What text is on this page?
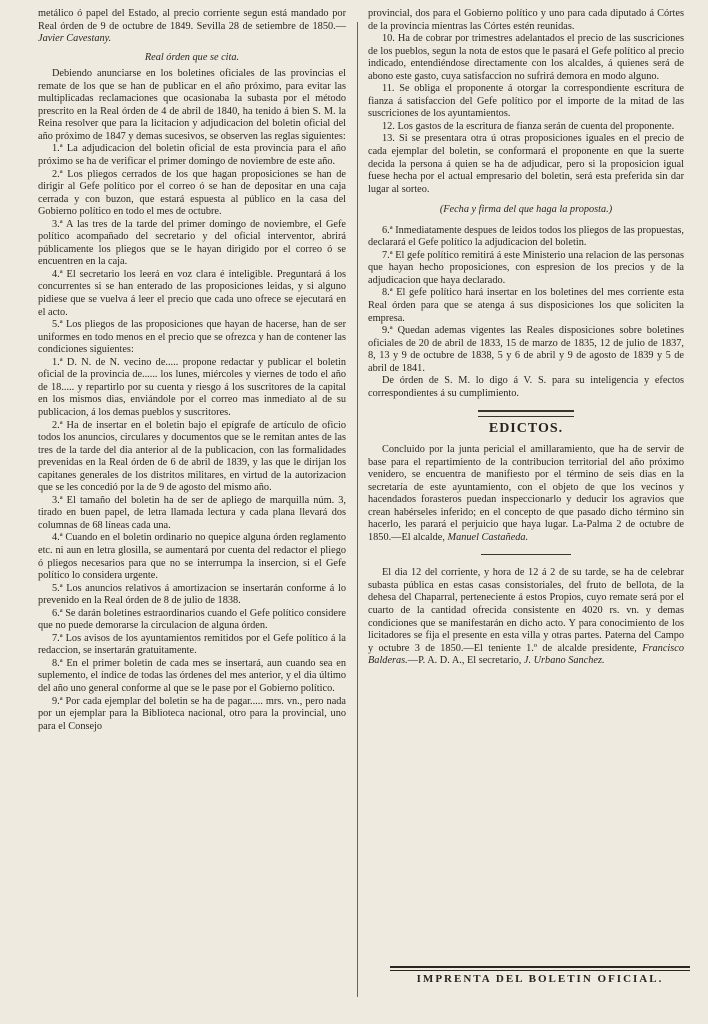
metálico ó papel del Estado, al precio corriente segun está mandado por Real órden de 9 de octubre de 1849. Sevilla 28 de setiembre de 1850.—Javier Cavestany.

Real órden que se cita.

Debiendo anunciarse en los boletines oficiales de las provincias el remate de los que se han de publicar en el año próximo, para evitar las multiplicadas reclamaciones que ocasionaba la subasta por el método prescrito en la Real órden de 4 de abril de 1840, ha tenido á bien S. M. la Reina resolver que para la licitacion y adjudicacion del boletin oficial del año próximo de 1847 y demas sucesivos, se observen las reglas siguientes:

1.ª La adjudicacion del boletin oficial de esta provincia para el año próximo se ha de verificar el primer domingo de noviembre de este año.

2.ª Los pliegos cerrados de los que hagan proposiciones se han de dirigir al Gefe político por el correo ó se han de depositar en una caja cerrada y con buzon, que estará espuesta al público en la casa del Gobierno político en todo el mes de octubre.

3.ª A las tres de la tarde del primer domingo de noviembre, el Gefe político acompañado del secretario y del oficial interventor, abrirá públicamente los pliegos que se le hayan dirigido por el correo ó se encuentren en la caja.

4.ª El secretario los leerá en voz clara é inteligible. Preguntará á los concurrentes si se han enterado de las proposiciones leidas, y si alguno pidiese que se vuelva á leer el precio que cada uno ofrece se ejecutará en el acto.

5.ª Los pliegos de las proposiciones que hayan de hacerse, han de ser uniformes en todo menos en el precio que se ofrezca y han de contener las condiciones siguientes:

1.ª D. N. de N. vecino de..... propone redactar y publicar el boletin oficial de la provincia de...... los lunes, miércoles y viernes de todo el año de 18..... y repartirlo por su cuenta y riesgo á los suscritores de la capital en los mismos dias, enviándole por el correo mas inmediato al de su publicacion, á los demas pueblos y suscritores.

2.ª Ha de insertar en el boletin bajo el epígrafe de artículo de oficio todos los anuncios, circulares y documentos que se le remitan antes de las tres de la tarde del dia anterior al de la publicacion, con las formalidades prevenidas en la Real órden de 6 de abril de 1839, y las que le dirijan los capitanes generales de los distritos militares, en virtud de la autorizacion que se les concedió por la de 9 de agosto del mismo año.

3.ª El tamaño del boletin ha de ser de apliego de marquilla núm. 3, tirado en buen papel, de letra llamada lectura y cada plana llevará dos columnas de 68 líneas cada una.

4.ª Cuando en el boletin ordinario no quepice alguna órden reglamento etc. ni aun en letra glosilla, se aumentará por cuenta del redactor el pliego ó pliegos necesarios para que no se interrumpa la insercion, si el Gefe político lo considera urgente.

5.ª Los anuncios relativos á amortizacion se insertarán conforme á lo prevenido en la Real órden de 8 de julio de 1838.

6.ª Se darán boletines estraordinarios cuando el Gefe político considere que no puede demorarse la circulacion de alguna órden.

7.ª Los avisos de los ayuntamientos remitidos por el Gefe político á la redaccion, se insertarán gratuitamente.

8.ª En el primer boletin de cada mes se insertará, aun cuando sea en suplemento, el índice de todas las órdenes del mes anterior, y el dia último del año uno general conforme al que se le pase por el Gobierno político.

9.ª Por cada ejemplar del boletin se ha de pagar..... mrs. vn., pero nada por un ejemplar para la Biblioteca nacional, otro para la provincial, uno para el Consejo

provincial, dos para el Gobierno político y uno para cada diputado á Córtes de la provincia mientras las Córtes estén reunidas.

10. Ha de cobrar por trimestres adelantados el precio de las suscriciones de los pueblos, segun la nota de estos que le pasará el Gefe político al precio indicado, entendiéndose directamente con los alcaldes, á quienes será de abono este gasto, cuya satisfaccion no sufrirá demora en modo alguno.

11. Se obliga el proponente á otorgar la correspondiente escritura de fianza á satisfaccion del Gefe político por el importe de la mitad de las suscriciones de los ayuntamientos.

12. Los gastos de la escritura de fianza serán de cuenta del proponente.

13. Si se presentara otra ú otras proposiciones iguales en el precio de cada ejemplar del boletin, se conformará el proponente en que la suerte decida la persona á quien se ha de adjudicar, pero si la proposicion igual fuese hecha por el actual empresario del boletin, será esta preferida sin dar lugar al sorteo.

(Fecha y firma del que haga la proposta.)

6.ª Inmediatamente despues de leidos todos los pliegos de las propuestas, declarará el Gefe político la adjudicacion del boletin.

7.ª El gefe político remitirá á este Ministerio una relacion de las personas que hayan hecho proposiciones, con espresion de los precios y de la adjudicacion que haya declarado.

8.ª El gefe político hará insertar en los boletines del mes corriente esta Real órden para que se atenga á sus disposiciones los que soliciten la empresa.

9.ª Quedan ademas vigentes las Reales disposiciones sobre boletines oficiales de 20 de abril de 1833, 15 de marzo de 1835, 12 de julio de 1837, 8, 13 y 9 de octubre de 1838, 5 y 6 de abril y 9 de agosto de 1839 y 5 de abril de 1841.

De órden de S. M. lo digo á V. S. para su inteligencia y efectos correspondientes á su cumplimiento.

EDICTOS.

Concluido por la junta pericial el amillaramiento, que ha de servir de base para el repartimiento de la contribucion territorial del año próximo venidero, se encuentra de manifiesto por el término de seis dias en la secretaría de este ayuntamiento, con el objeto de que los vecinos y hacendados forasteros puedan inspeccionarlo y deducir los agravios que crean habérseles inferido; en el concepto de que pasado dicho término sin hacerlo, les parará el perjuicio que haya lugar. La-Palma 2 de octubre de 1850.—El alcalde, Manuel Castañeda.

El dia 12 del corriente, y hora de 12 á 2 de su tarde, se ha de celebrar subasta pública en estas casas consistoriales, del fruto de bellota, de la dehesa del Chaparral, perteneciente á estos Propios, cuyo remate será por el cuarto de la cantidad ofrecida consistente en 4020 rs. vn. y demas condiciones que se manifestarán en dicho acto. Y para conocimiento de los licitadores se fija el presente en esta villa y otras partes. Paterna del Campo y octubre 3 de 1850.—El teniente 1.º de alcalde presidente, Francisco Balderas.—P. A. D. A., El secretario, J. Urbano Sanchez.

IMPRENTA DEL BOLETIN OFICIAL.
